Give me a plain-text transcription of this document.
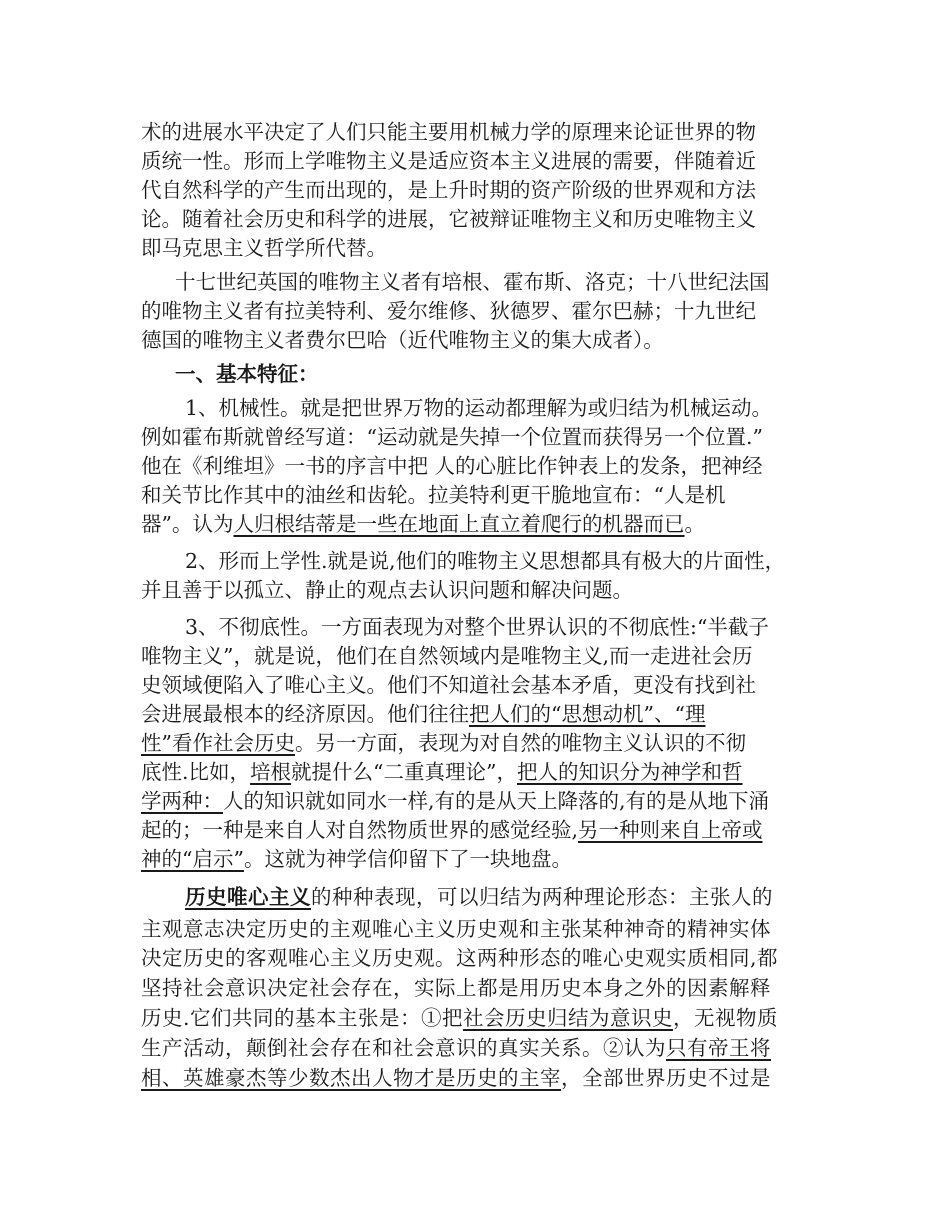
术的进展水平决定了人们只能主要用机械力学的原理来论证世界的物
质统一性。形而上学唯物主义是适应资本主义进展的需要，伴随着近
代自然科学的产生而出现的，是上升时期的资产阶级的世界观和方法
论。随着社会历史和科学的进展，它被辩证唯物主义和历史唯物主义
即马克思主义哲学所代替。
十七世纪英国的唯物主义者有培根、霍布斯、洛克；十八世纪法国
的唯物主义者有拉美特利、爱尔维修、狄德罗、霍尔巴赫；十九世纪
德国的唯物主义者费尔巴哈（近代唯物主义的集大成者）。
一、基本特征：
1、机械性。就是把世界万物的运动都理解为或归结为机械运动。
例如霍布斯就曾经写道：“运动就是失掉一个位置而获得另一个位置.”
他在《利维坦》一书的序言中把 人的心脏比作钟表上的发条，把神经
和关节比作其中的油丝和齿轮。拉美特利更干脆地宣布：“人是机
器”。认为人归根结蒂是一些在地面上直立着爬行的机器而已。
2、形而上学性.就是说,他们的唯物主义思想都具有极大的片面性，
并且善于以孤立、静止的观点去认识问题和解决问题。
3、不彻底性。一方面表现为对整个世界认识的不彻底性:“半截子
唯物主义”，就是说，他们在自然领域内是唯物主义,而一走进社会历
史领域便陷入了唯心主义。他们不知道社会基本矛盾，更没有找到社
会进展最根本的经济原因。他们往往把人们的“思想动机”、“理
性”看作社会历史。另一方面，表现为对自然的唯物主义认识的不彻
底性.比如，培根就提什么“二重真理论”，把人的知识分为神学和哲
学两种：人的知识就如同水一样,有的是从天上降落的,有的是从地下涌
起的；一种是来自人对自然物质世界的感觉经验,另一种则来自上帝或
神的“启示”。这就为神学信仰留下了一块地盘。
历史唯心主义的种种表现，可以归结为两种理论形态：主张人的
主观意志决定历史的主观唯心主义历史观和主张某种神奇的精神实体
决定历史的客观唯心主义历史观。这两种形态的唯心史观实质相同,都
坚持社会意识决定社会存在，实际上都是用历史本身之外的因素解释
历史.它们共同的基本主张是：①把社会历史归结为意识史，无视物质
生产活动，颠倒社会存在和社会意识的真实关系。②认为只有帝王将
相、英雄豪杰等少数杰出人物才是历史的主宰，全部世界历史不过是
